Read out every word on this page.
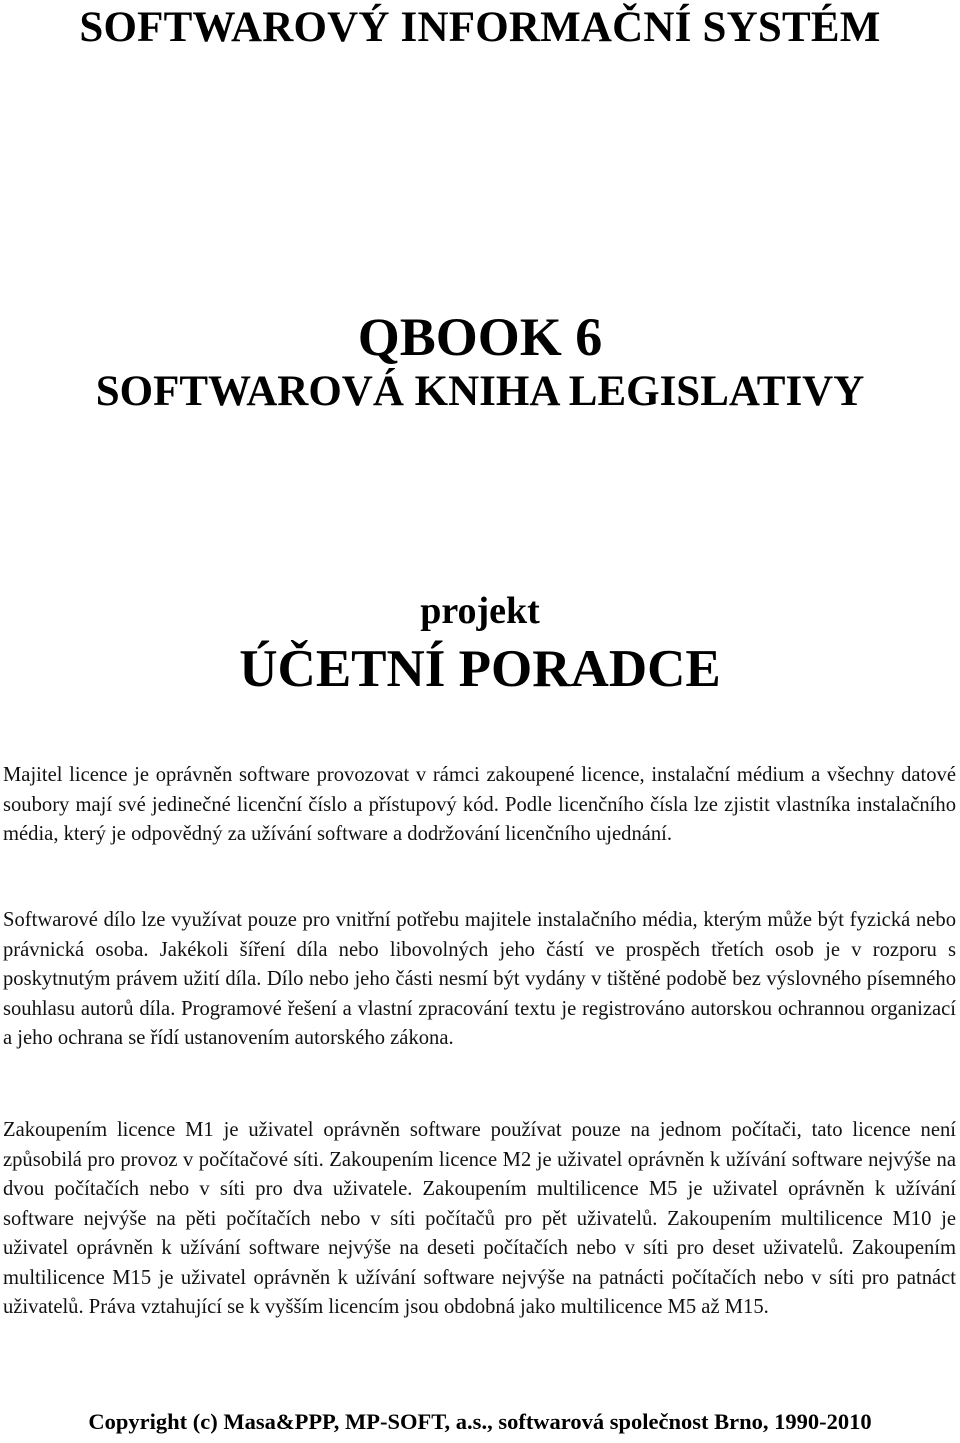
SOFTWAROVÝ INFORMAČNÍ SYSTÉM
QBOOK 6
SOFTWAROVÁ KNIHA LEGISLATIVY
projekt
ÚČETNÍ PORADCE

Majitel licence je oprávněn software provozovat v rámci zakoupené licence, instalační médium a všechny datové soubory mají své jedinečné licenční číslo a přístupový kód. Podle licenčního čísla lze zjistit vlastníka instalačního média, který je odpovědný za užívání software a dodržování licenčního ujednání.

Softwarové dílo lze využívat pouze pro vnitřní potřebu majitele instalačního média, kterým může být fyzická nebo právnická osoba. Jakékoli šíření díla nebo libovolných jeho částí ve prospěch třetích osob je v rozporu s poskytnutým právem užití díla. Dílo nebo jeho části nesmí být vydány v tištěné podobě bez výslovného písemného souhlasu autorů díla. Programové řešení a vlastní zpracování textu je registrováno autorskou ochrannou organizací a jeho ochrana se řídí ustanovením autorského zákona.

Zakoupením licence M1 je uživatel oprávněn software používat pouze na jednom počítači, tato licence není způsobilá pro provoz v počítačové síti. Zakoupením licence M2 je uživatel oprávněn k užívání software nejvýše na dvou počítačích nebo v síti pro dva uživatele. Zakoupením multilicence M5 je uživatel oprávněn k užívání software nejvýše na pěti počítačích nebo v síti počítačů pro pět uživatelů. Zakoupením multilicence M10 je uživatel oprávněn k užívání software nejvýše na deseti počítačích nebo v síti pro deset uživatelů. Zakoupením multilicence M15 je uživatel oprávněn k užívání software nejvýše na patnácti počítačích nebo v síti pro patnáct uživatelů. Práva vztahující se k vyšším licencím jsou obdobná jako multilicence M5 až M15.

Copyright (c) Masa&PPP, MP-SOFT, a.s., softwarová společnost Brno, 1990-2010
